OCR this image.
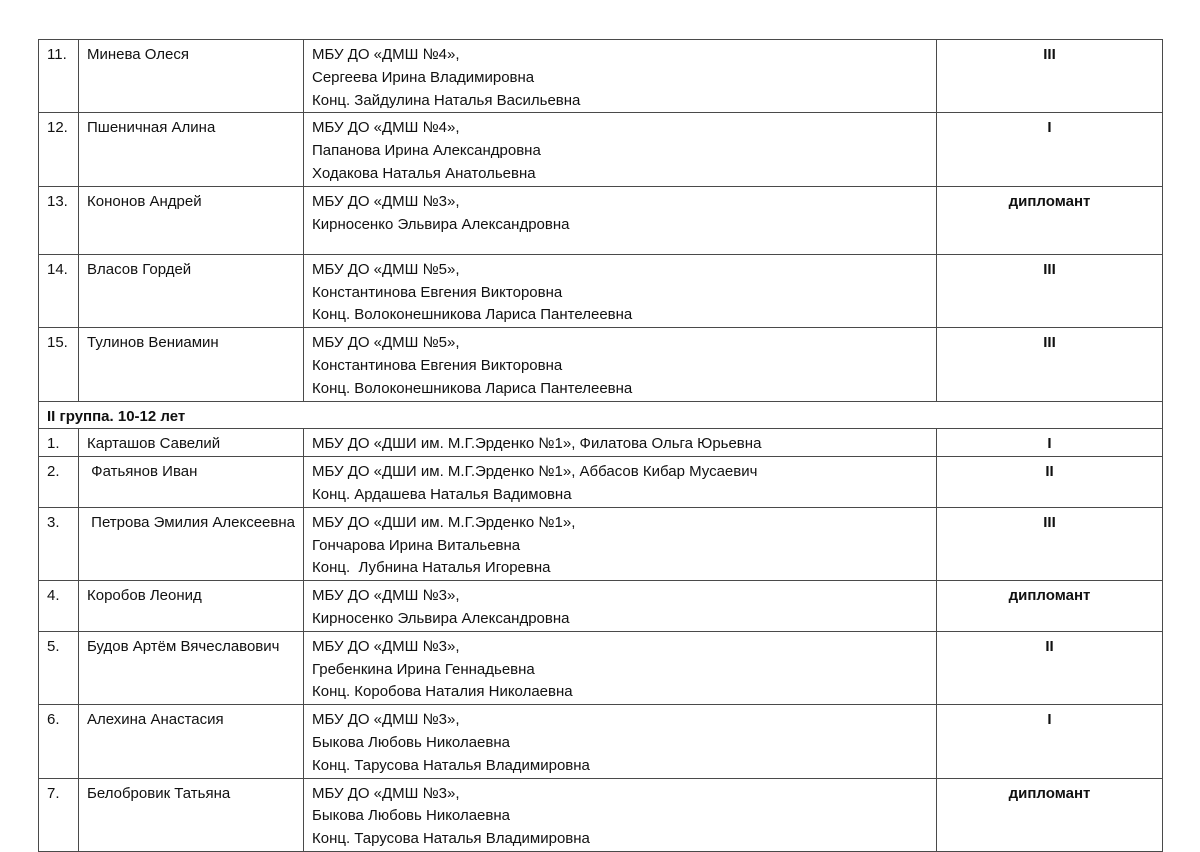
11.	Минева Олеся	МБУ ДО «ДМШ №4»,
Сергеева Ирина Владимировна
Конц. Зайдулина Наталья Васильевна	III
12.	Пшеничная Алина	МБУ ДО «ДМШ №4»,
Папанова Ирина Александровна
Ходакова Наталья Анатольевна	I
13.	Кононов Андрей	МБУ ДО «ДМШ №3»,
Кирносенко Эльвира Александровна	дипломант
14.	Власов Гордей	МБУ ДО «ДМШ №5»,
Константинова Евгения Викторовна
Конц. Волоконешникова Лариса Пантелеевна	III
15.	Тулинов Вениамин	МБУ ДО «ДМШ №5»,
Константинова Евгения Викторовна
Конц. Волоконешникова Лариса Пантелеевна	III
II группа. 10-12 лет			
1.	Карташов Савелий	МБУ ДО «ДШИ им. М.Г.Эрденко №1», Филатова Ольга Юрьевна	I
2.	Фатьянов Иван	МБУ ДО «ДШИ им. М.Г.Эрденко №1», Аббасов Кибар Мусаевич
Конц. Ардашева Наталья Вадимовна	II
3.	Петрова Эмилия Алексеевна	МБУ ДО «ДШИ им. М.Г.Эрденко №1»,
Гончарова Ирина Витальевна
Конц.  Лубнина Наталья Игоревна	III
4.	Коробов Леонид	МБУ ДО «ДМШ №3»,
Кирносенко Эльвира Александровна	дипломант
5.	Будов Артём Вячеславович	МБУ ДО «ДМШ №3»,
Гребенкина Ирина Геннадьевна
Конц. Коробова Наталия Николаевна	II
6.	Алехина Анастасия	МБУ ДО «ДМШ №3»,
Быкова Любовь Николаевна
Конц. Тарусова Наталья Владимировна	I
7.	Белобровик Татьяна	МБУ ДО «ДМШ №3»,
Быкова Любовь Николаевна
Конц. Тарусова Наталья Владимировна	дипломант
